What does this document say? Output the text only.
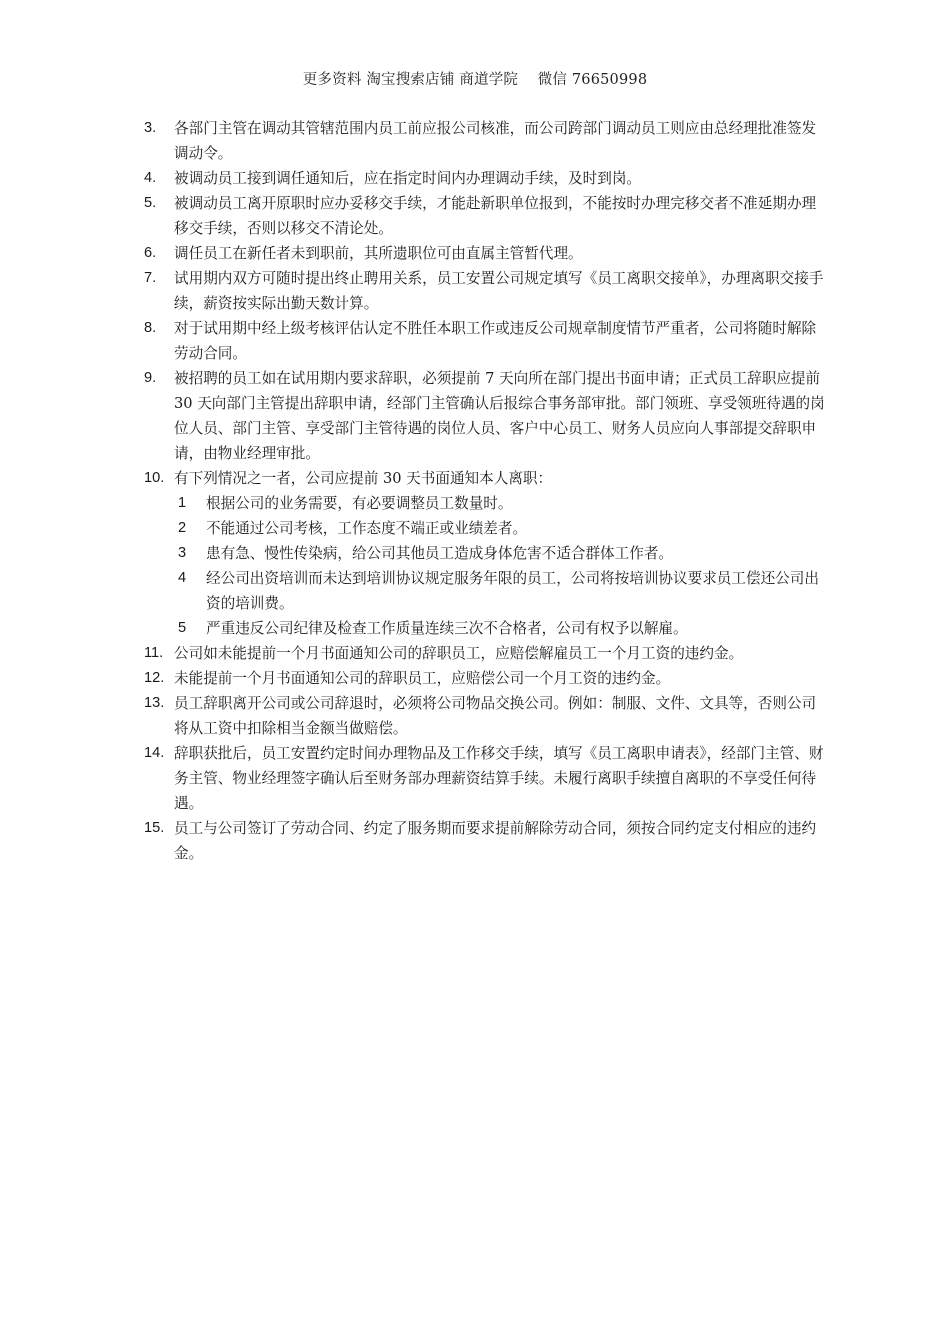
更多资料 淘宝搜索店铺 商道学院　 微信 76650998
3. 各部门主管在调动其管辖范围内员工前应报公司核准，而公司跨部门调动员工则应由总经理批准签发调动令。
4. 被调动员工接到调任通知后，应在指定时间内办理调动手续，及时到岗。
5. 被调动员工离开原职时应办妥移交手续，才能赴新职单位报到，不能按时办理完移交者不准延期办理移交手续，否则以移交不清论处。
6. 调任员工在新任者未到职前，其所遗职位可由直属主管暂代理。
7. 试用期内双方可随时提出终止聘用关系，员工安置公司规定填写《员工离职交接单》，办理离职交接手续，薪资按实际出勤天数计算。
8. 对于试用期中经上级考核评估认定不胜任本职工作或违反公司规章制度情节严重者，公司将随时解除劳动合同。
9. 被招聘的员工如在试用期内要求辞职，必须提前 7 天向所在部门提出书面申请；正式员工辞职应提前 30 天向部门主管提出辞职申请，经部门主管确认后报综合事务部审批。部门领班、享受领班待遇的岗位人员、部门主管、享受部门主管待遇的岗位人员、客户中心员工、财务人员应向人事部提交辞职申请，由物业经理审批。
10. 有下列情况之一者，公司应提前 30 天书面通知本人离职：
1 根据公司的业务需要，有必要调整员工数量时。
2 不能通过公司考核，工作态度不端正或业绩差者。
3 患有急、慢性传染病，给公司其他员工造成身体危害不适合群体工作者。
4 经公司出资培训而未达到培训协议规定服务年限的员工，公司将按培训协议要求员工偿还公司出资的培训费。
5 严重违反公司纪律及检查工作质量连续三次不合格者，公司有权予以解雇。
11. 公司如未能提前一个月书面通知公司的辞职员工，应赔偿解雇员工一个月工资的违约金。
12. 未能提前一个月书面通知公司的辞职员工，应赔偿公司一个月工资的违约金。
13. 员工辞职离开公司或公司辞退时，必须将公司物品交换公司。例如：制服、文件、文具等，否则公司将从工资中扣除相当金额当做赔偿。
14. 辞职获批后，员工安置约定时间办理物品及工作移交手续，填写《员工离职申请表》，经部门主管、财务主管、物业经理签字确认后至财务部办理薪资结算手续。未履行离职手续擅自离职的不享受任何待遇。
15. 员工与公司签订了劳动合同、约定了服务期而要求提前解除劳动合同，须按合同约定支付相应的违约金。
